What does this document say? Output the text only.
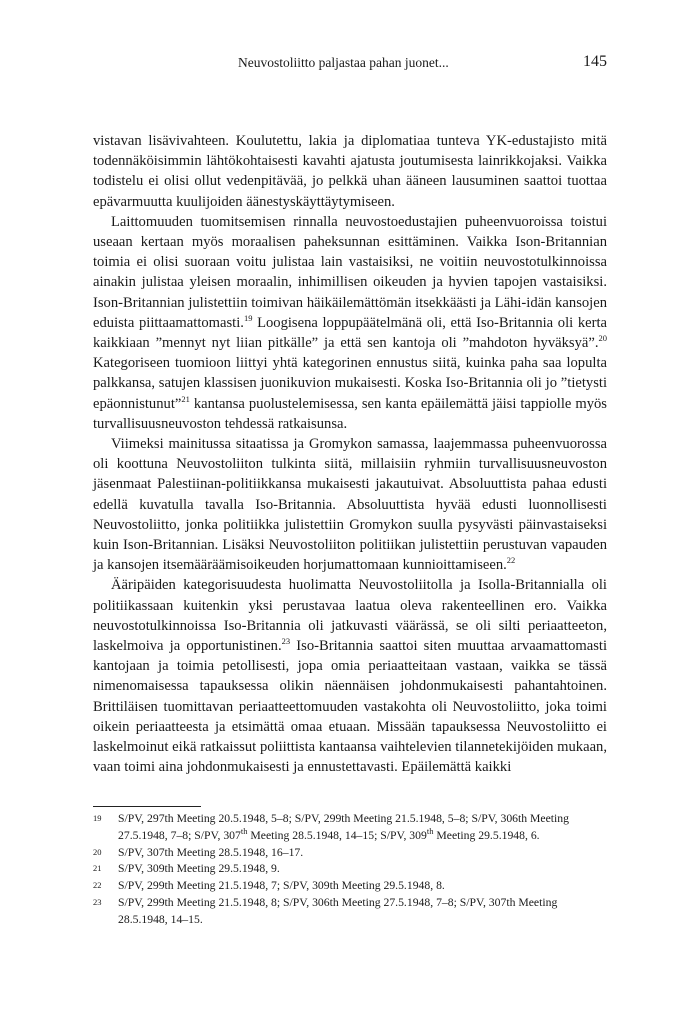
Neuvostoliitto paljastaa pahan juonet...	145

vistavan lisävivahteen. Koulutettu, lakia ja diplomatiaa tunteva YK-edustajisto mitä todennäköisimmin lähtökohtaisesti kavahti ajatusta joutumisesta lainrikkojaksi. Vaikka todistelu ei olisi ollut vedenpitävää, jo pelkkä uhan ääneen lausuminen saattoi tuottaa epävarmuutta kuulijoiden äänestyskäyttäytymiseen.

Laittomuuden tuomitsemisen rinnalla neuvostoedustajien puheenvuoroissa toistui useaan kertaan myös moraalisen paheksunnan esittäminen. Vaikka Ison-Britannian toimia ei olisi suoraan voitu julistaa lain vastaisiksi, ne voitiin neuvostotulkinnoissa ainakin julistaa yleisen moraalin, inhimillisen oikeuden ja hyvien tapojen vastaisiksi. Ison-Britannian julistettiin toimivan häikäilemättömän itsekkäästi ja Lähi-idän kansojen eduista piittaamattomasti.$^{19}$ Loogisena loppupäätelmänä oli, että Iso-Britannia oli kerta kaikkiaan ”mennyt nyt liian pitkälle” ja että sen kantoja oli ”mahdoton hyväksyä”.$^{20}$ Kategoriseen tuomioon liittyi yhtä kategorinen ennustus siitä, kuinka paha saa lopulta palkkansa, satujen klassisen juonikuvion mukaisesti. Koska Iso-Britannia oli jo ”tietysti epäonnistunut”$^{21}$ kantansa puolustelemisessa, sen kanta epäilemättä jäisi tappiolle myös turvallisuusneuvoston tehdessä ratkaisunsa.

Viimeksi mainitussa sitaatissa ja Gromykon samassa, laajemmassa puheenvuorossa oli koottuna Neuvostoliiton tulkinta siitä, millaisiin ryhmiin turvallisuusneuvoston jäsenmaat Palestiinan-politiikkansa mukaisesti jakautuivat. Absoluuttista pahaa edusti edellä kuvatulla tavalla Iso-Britannia. Absoluuttista hyvää edusti luonnollisesti Neuvostoliitto, jonka politiikka julistettiin Gromykon suulla pysyvästi päinvastaiseksi kuin Ison-Britannian. Lisäksi Neuvostoliiton politiikan julistettiin perustuvan vapauden ja kansojen itsemääräämisoikeuden horjumattomaan kunnioittamiseen.$^{22}$

Ääripäiden kategorisuudesta huolimatta Neuvostoliitolla ja Isolla-Britannialla oli politiikassaan kuitenkin yksi perustavaa laatua oleva rakenteellinen ero. Vaikka neuvostotulkinnoissa Iso-Britannia oli jatkuvasti väärässä, se oli silti periaatteeton, laskelmoiva ja opportunistinen.$^{23}$ Iso-Britannia saattoi siten muuttaa arvaamattomasti kantojaan ja toimia petollisesti, jopa omia periaatteitaan vastaan, vaikka se tässä nimenomaisessa tapauksessa olikin näennäisen johdonmukaisesti pahantahtoinen. Brittiläisen tuomittavan periaatteettomuuden vastakohta oli Neuvostoliitto, joka toimi oikein periaatteesta ja etsimättä omaa etuaan. Missään tapauksessa Neuvostoliitto ei laskelmoinut eikä ratkaissut poliittista kantaansa vaihtelevien tilannetekijöiden mukaan, vaan toimi aina johdonmukaisesti ja ennustettavasti. Epäilemättä kaikki

19	S/PV, 297th Meeting 20.5.1948, 5–8; S/PV, 299th Meeting 21.5.1948, 5–8; S/PV, 306th Meeting 27.5.1948, 7–8; S/PV, 307th Meeting 28.5.1948, 14–15; S/PV, 309th Meeting 29.5.1948, 6.
20	S/PV, 307th Meeting 28.5.1948, 16–17.
21	S/PV, 309th Meeting 29.5.1948, 9.
22	S/PV, 299th Meeting 21.5.1948, 7; S/PV, 309th Meeting 29.5.1948, 8.
23	S/PV, 299th Meeting 21.5.1948, 8; S/PV, 306th Meeting 27.5.1948, 7–8; S/PV, 307th Meeting 28.5.1948, 14–15.
